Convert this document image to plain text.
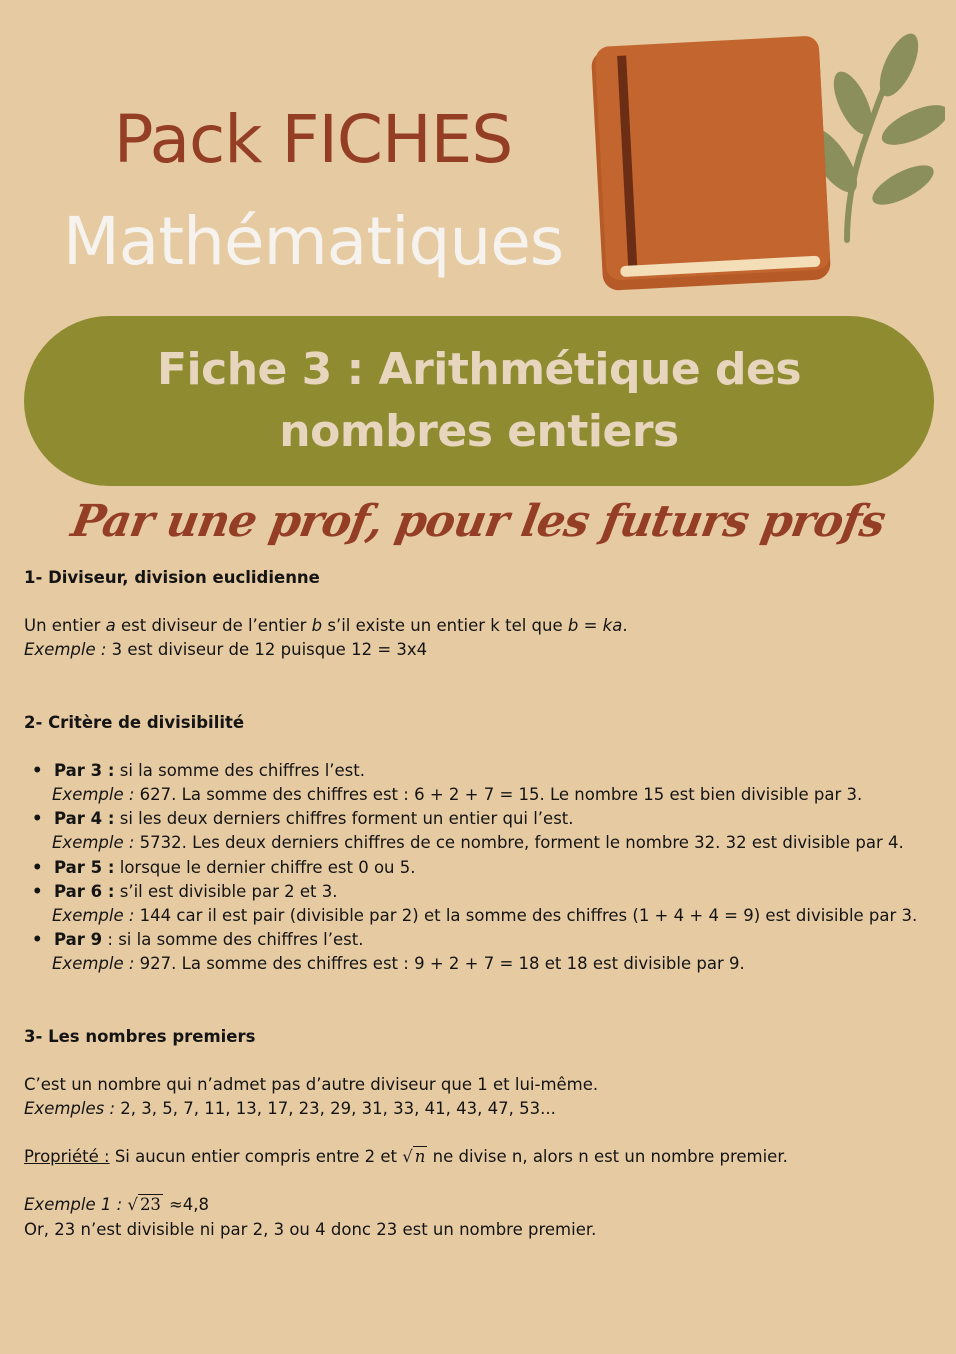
Pack FICHES
Mathématiques
Fiche 3 : Arithmétique des nombres entiers
Par une prof, pour les futurs profs

1- Diviseur, division euclidienne

Un entier a est diviseur de l’entier b s’il existe un entier k tel que b = ka.

Exemple : 3 est diviseur de 12 puisque 12 = 3x4

2- Critère de divisibilité

• Par 3 : si la somme des chiffres l’est.
Exemple : 627. La somme des chiffres est : 6 + 2 + 7 = 15. Le nombre 15 est bien divisible par 3.
• Par 4 : si les deux derniers chiffres forment un entier qui l’est.
Exemple : 5732. Les deux derniers chiffres de ce nombre, forment le nombre 32. 32 est divisible par 4.
• Par 5 : lorsque le dernier chiffre est 0 ou 5.
• Par 6 : s’il est divisible par 2 et 3.
Exemple : 144 car il est pair (divisible par 2) et la somme des chiffres (1 + 4 + 4 = 9) est divisible par 3.
• Par 9 : si la somme des chiffres l’est.
Exemple : 927. La somme des chiffres est : 9 + 2 + 7 = 18 et 18 est divisible par 9.

3- Les nombres premiers

C’est un nombre qui n’admet pas d’autre diviseur que 1 et lui-même.

Exemples : 2, 3, 5, 7, 11, 13, 17, 23, 29, 31, 33, 41, 43, 47, 53...

Propriété : Si aucun entier compris entre 2 et √ n ne divise n, alors n est un nombre premier.

Exemple 1 : √ 23 ≈4,8

Or, 23 n’est divisible ni par 2, 3 ou 4 donc 23 est un nombre premier.
